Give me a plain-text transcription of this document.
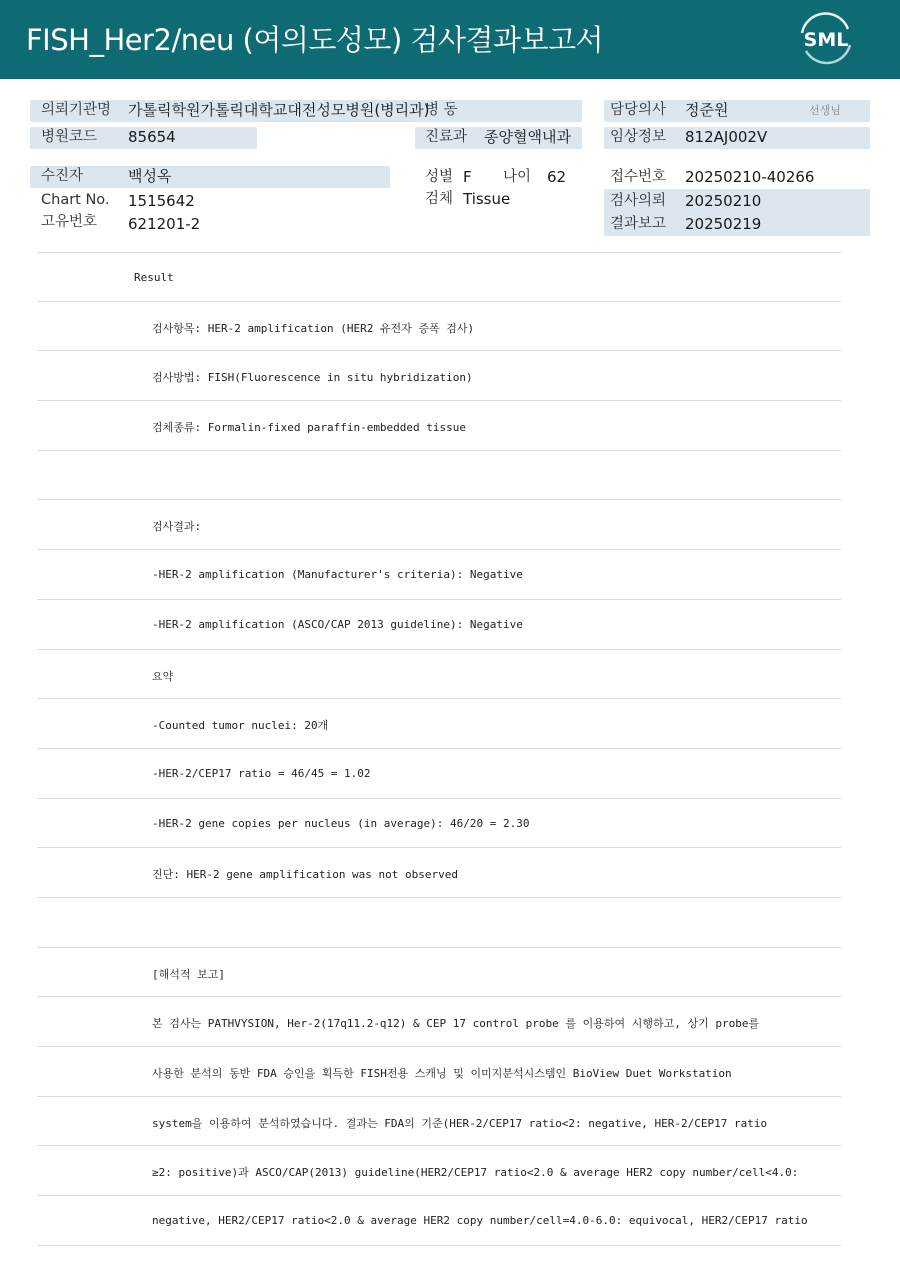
FISH_Her2/neu (여의도성모) 검사결과보고서	SML
의뢰기관명 가톨릭학원가톨릭대학교대전성모병원(병리과)
병 동	담당의사 정준원	선생님
병원코드 85654	진료과 종양혈액내과	임상정보 812AJ002V
수진자	백성옥	성별 F 나이 62	접수번호 20250210-40266
Chart No. 1515642	검체 Tissue	검사의뢰 20250210
고유번호 621201-2	결과보고 20250219
Result
검사항목: HER-2 amplification (HER2 유전자 증폭 검사)
검사방법: FISH(Fluorescence in situ hybridization)
검체종류: Formalin-fixed paraffin-embedded tissue
검사결과:
-HER-2 amplification (Manufacturer's criteria): Negative
-HER-2 amplification (ASCO/CAP 2013 guideline): Negative
요약
-Counted tumor nuclei: 20개
-HER-2/CEP17 ratio = 46/45 = 1.02
-HER-2 gene copies per nucleus (in average): 46/20 = 2.30
진단: HER-2 gene amplification was not observed
[해석적 보고]
본 검사는 PATHVYSION, Her-2(17q11.2-q12) & CEP 17 control probe 를 이용하여 시행하고, 상기 probe를
사용한 분석의 동반 FDA 승인을 획득한 FISH전용 스캐닝 및 이미지분석시스템인 BioView Duet Workstation
system을 이용하여 분석하였습니다. 결과는 FDA의 기준(HER-2/CEP17 ratio<2: negative, HER-2/CEP17 ratio
≥2: positive)과 ASCO/CAP(2013) guideline(HER2/CEP17 ratio<2.0 & average HER2 copy number/cell<4.0:
negative, HER2/CEP17 ratio<2.0 & average HER2 copy number/cell=4.0-6.0: equivocal, HER2/CEP17 ratio
